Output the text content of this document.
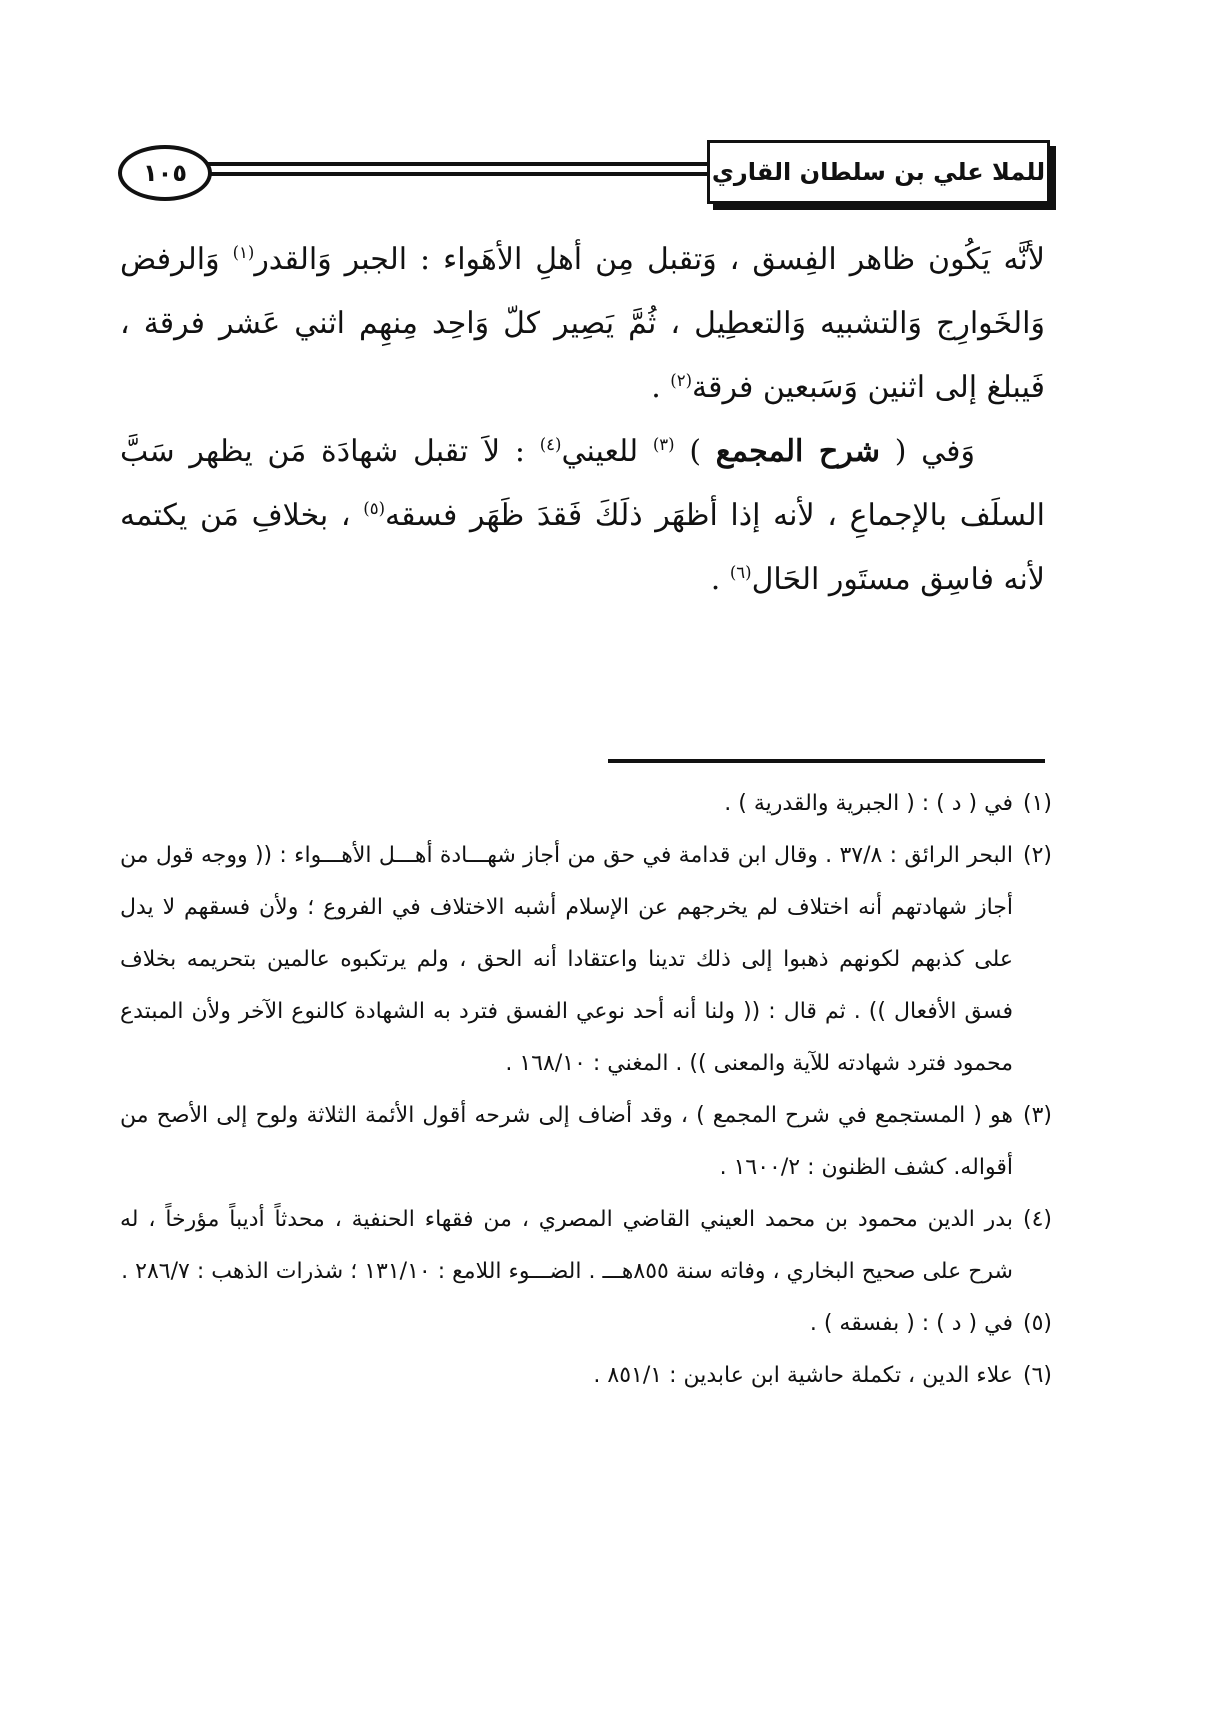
للملا علي بن سلطان القاري
١٠٥

لأنَّه يَكُون ظاهر الفِسق ، وَتقبل مِن أهلِ الأهَواء : الجبر وَالقدر$^{(١)}$ وَالرفض وَالخَوارِج وَالتشبيه وَالتعطِيل ، ثُمَّ يَصِير كلّ وَاحِد مِنهِم اثني عَشر فرقة ، فَيبلغ إلى اثنين وَسَبعين فرقة$^{(٢)}$ .

وَفي ( شرح المجمع ) $^{(٣)}$ للعيني$^{(٤)}$ : لاَ تقبل شهادَة مَن يظهر سَبَّ السلَف بالإجماعِ ، لأنه إذا أظهَر ذلَكَ فَقدَ ظَهَر فسقه$^{(٥)}$ ، بخلافِ مَن يكتمه لأنه فاسِق مستَور الحَال$^{(٦)}$ .

(١)
في ( د ) : ( الجبرية والقدرية ) .
(٢)
البحر الرائق : ٣٧/٨ . وقال ابن قدامة في حق من أجاز شهـــادة أهـــل الأهـــواء : (( ووجه قول من أجاز شهادتهم أنه اختلاف لم يخرجهم عن الإسلام أشبه الاختلاف في الفروع ؛ ولأن فسقهم لا يدل على كذبهم لكونهم ذهبوا إلى ذلك تدينا واعتقادا أنه الحق ، ولم يرتكبوه عالمين بتحريمه بخلاف فسق الأفعال )) . ثم قال : (( ولنا أنه أحد نوعي الفسق فترد به الشهادة كالنوع الآخر ولأن المبتدع محمود فترد شهادته للآية والمعنى )) . المغني : ١٦٨/١٠ .
(٣)
هو ( المستجمع في شرح المجمع ) ، وقد أضاف إلى شرحه أقول الأئمة الثلاثة ولوح إلى الأصح من أقواله. كشف الظنون : ١٦٠٠/٢ .
(٤)
بدر الدين محمود بن محمد العيني القاضي المصري ، من فقهاء الحنفية ، محدثاً أديباً مؤرخاً ، له شرح على صحيح البخاري ، وفاته سنة ٨٥٥هـــ . الضـــوء اللامع : ١٣١/١٠ ؛ شذرات الذهب : ٢٨٦/٧ .
(٥)
في ( د ) : ( بفسقه ) .
(٦)
علاء الدين ، تكملة حاشية ابن عابدين : ٨٥١/١ .
